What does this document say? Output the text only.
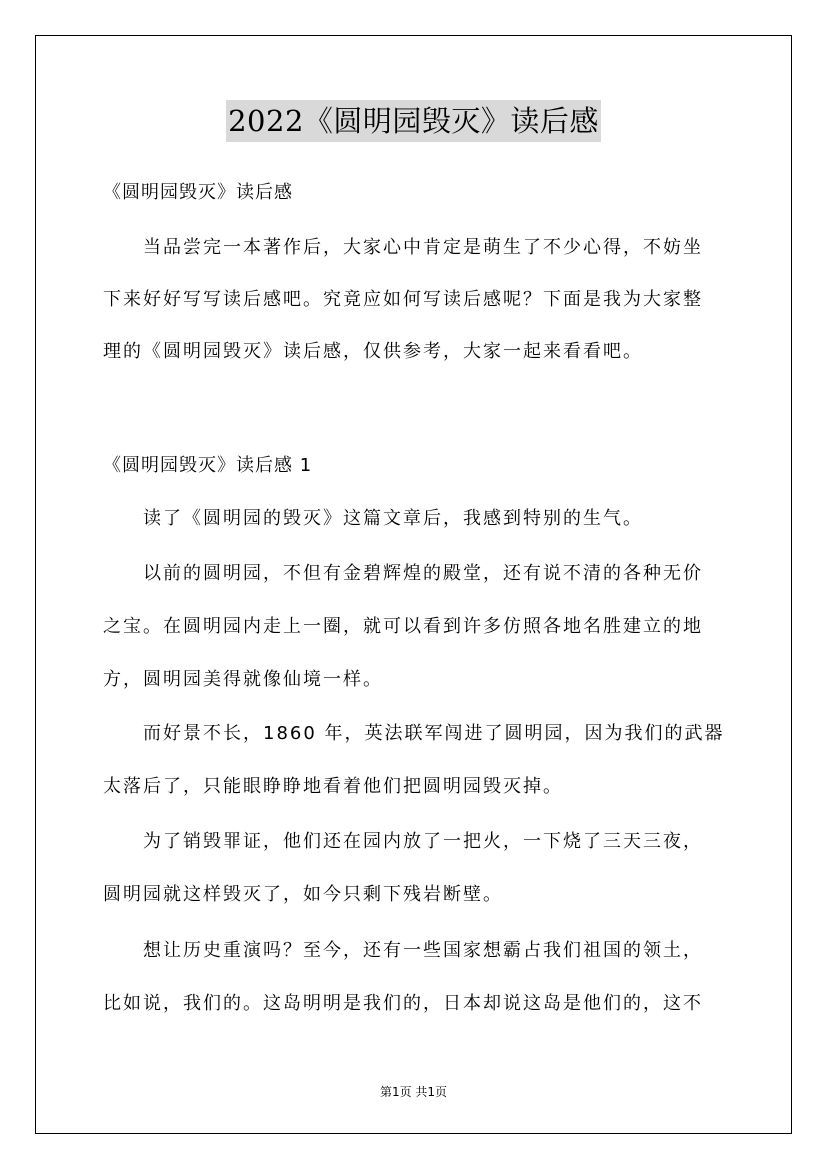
2022《圆明园毁灭》读后感
《圆明园毁灭》读后感
当品尝完一本著作后，大家心中肯定是萌生了不少心得，不妨坐
下来好好写写读后感吧。究竟应如何写读后感呢？下面是我为大家整
理的《圆明园毁灭》读后感，仅供参考，大家一起来看看吧。
《圆明园毁灭》读后感 1
读了《圆明园的毁灭》这篇文章后，我感到特别的生气。
以前的圆明园，不但有金碧辉煌的殿堂，还有说不清的各种无价
之宝。在圆明园内走上一圈，就可以看到许多仿照各地名胜建立的地
方，圆明园美得就像仙境一样。
而好景不长，1860 年，英法联军闯进了圆明园，因为我们的武器
太落后了，只能眼睁睁地看着他们把圆明园毁灭掉。
为了销毁罪证，他们还在园内放了一把火，一下烧了三天三夜，
圆明园就这样毁灭了，如今只剩下残岩断壁。
想让历史重演吗？至今，还有一些国家想霸占我们祖国的领土，
比如说，我们的。这岛明明是我们的，日本却说这岛是他们的，这不
第1页 共1页
